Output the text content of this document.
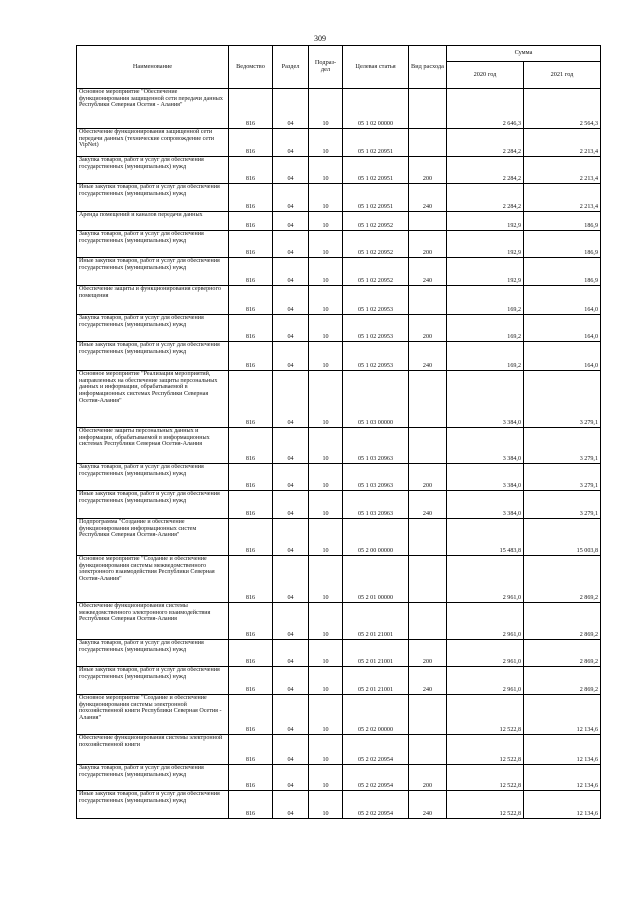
309
Наименование	Ведомство	Раздел	Подраз-дел	Целевая статья	Вид расхода	Сумма	
						2020 год	2021 год
Основное мероприятие "Обеспечение функционирования защищенной сети передачи данных Республики Северная Осетия - Алания"	816	04	10	05 1 02 00000		2 646,3	2 564,3
Обеспечение функционирования защищенной сети передачи данных (технические сопровождение сети VipNet)	816	04	10	05 1 02 20951		2 284,2	2 213,4
Закупка товаров, работ и услуг для обеспечения государственных (муниципальных) нужд	816	04	10	05 1 02 20951	200	2 284,2	2 213,4
Иные закупки товаров, работ и услуг для обеспечения государственных (муниципальных) нужд	816	04	10	05 1 02 20951	240	2 284,2	2 213,4
Аренда помещений и каналов передачи данных	816	04	10	05 1 02 20952		192,9	186,9
Закупка товаров, работ и услуг для обеспечения государственных (муниципальных) нужд	816	04	10	05 1 02 20952	200	192,9	186,9
Иные закупки товаров, работ и услуг для обеспечения государственных (муниципальных) нужд	816	04	10	05 1 02 20952	240	192,9	186,9
Обеспечение защиты и функционирования серверного помещения	816	04	10	05 1 02 20953		169,2	164,0
Закупка товаров, работ и услуг для обеспечения государственных (муниципальных) нужд	816	04	10	05 1 02 20953	200	169,2	164,0
Иные закупки товаров, работ и услуг для обеспечения государственных (муниципальных) нужд	816	04	10	05 1 02 20953	240	169,2	164,0
Основное мероприятие "Реализация мероприятий, направленных на обеспечение защиты персональных данных и информации, обрабатываемой в информационных системах Республики Северная Осетия-Алания"	816	04	10	05 1 03 00000		3 384,0	3 279,1
Обеспечение защиты персональных данных и информации, обрабатываемой в информационных системах Республики Северная Осетия-Алания	816	04	10	05 1 03 20963		3 384,0	3 279,1
Закупка товаров, работ и услуг для обеспечения государственных (муниципальных) нужд	816	04	10	05 1 03 20963	200	3 384,0	3 279,1
Иные закупки товаров, работ и услуг для обеспечения государственных (муниципальных) нужд	816	04	10	05 1 03 20963	240	3 384,0	3 279,1
Подпрограмма "Создание и обеспечение функционирования информационных систем Республики Северная Осетия-Алания"	816	04	10	05 2 00 00000		15 483,8	15 003,8
Основное мероприятие "Создание и обеспечение функционирования системы межведомственного электронного взаимодействия Республики Северная Осетия-Алания"	816	04	10	05 2 01 00000		2 961,0	2 869,2
Обеспечение функционирования системы межведомственного электронного взаимодействия Республики Северная Осетия-Алания	816	04	10	05 2 01 21001		2 961,0	2 869,2
Закупка товаров, работ и услуг для обеспечения государственных (муниципальных) нужд	816	04	10	05 2 01 21001	200	2 961,0	2 869,2
Иные закупки товаров, работ и услуг для обеспечения государственных (муниципальных) нужд	816	04	10	05 2 01 21001	240	2 961,0	2 869,2
Основное мероприятие "Создание и обеспечение функционирования системы электронной похозяйственной книги Республики Северная Осетия - Алания"	816	04	10	05 2 02 00000		12 522,8	12 134,6
Обеспечение функционирования системы электронной похозяйственной книги	816	04	10	05 2 02 20954		12 522,8	12 134,6
Закупка товаров, работ и услуг для обеспечения государственных (муниципальных) нужд	816	04	10	05 2 02 20954	200	12 522,8	12 134,6
Иные закупки товаров, работ и услуг для обеспечения государственных (муниципальных) нужд	816	04	10	05 2 02 20954	240	12 522,8	12 134,6
